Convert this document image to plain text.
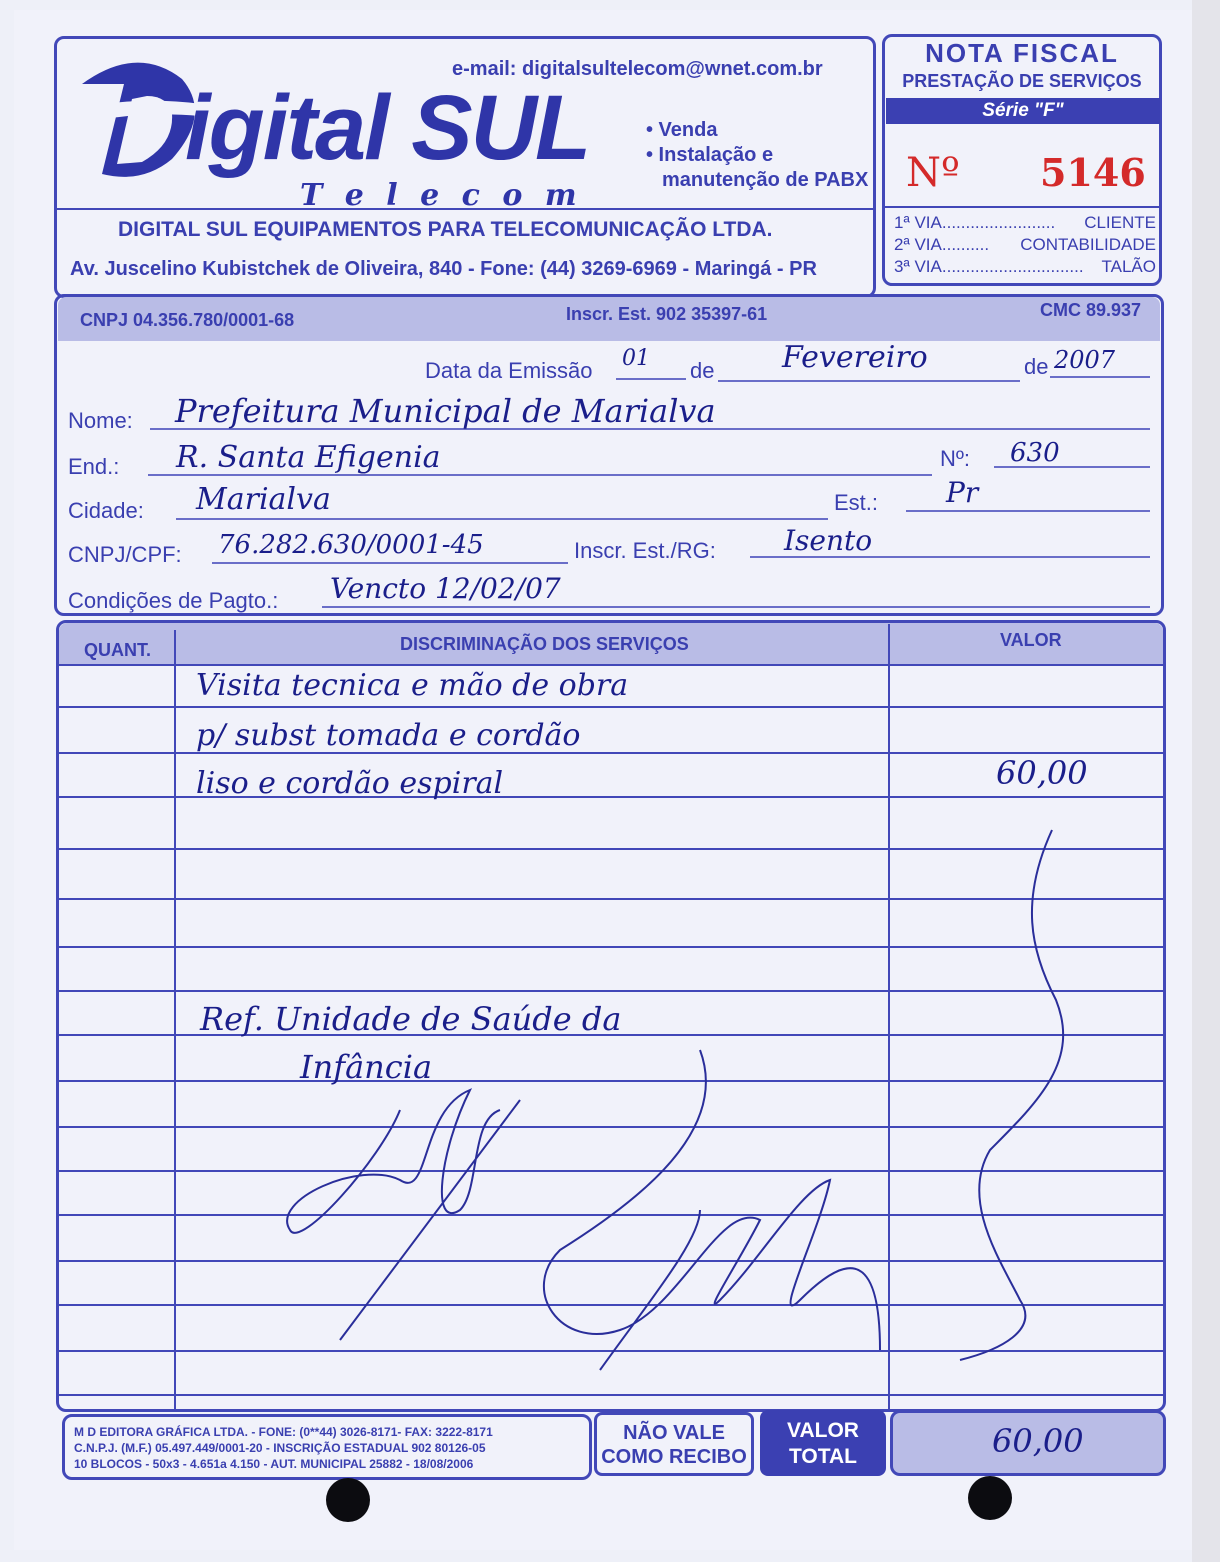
igital SUL
T e l e c o m
e-mail: digitalsultelecom@wnet.com.br
• Venda
• Instalação e
manutenção de PABX
DIGITAL SUL EQUIPAMENTOS PARA TELECOMUNICAÇÃO LTDA.
Av. Juscelino Kubistchek de Oliveira, 840 - Fone: (44) 3269-6969 - Maringá - PR
NOTA FISCAL
PRESTAÇÃO DE SERVIÇOS
Série "F"
Nº 5146
1ª VIA ........................	CLIENTE
2ª VIA ..........	CONTABILIDADE
3ª VIA ..............................	TALÃO
CNPJ 04.356.780/0001-68	Inscr. Est. 902 35397-61	CMC 89.937
Data da Emissão 01 de Fevereiro	de 2007
Nome: Prefeitura Municipal de Marialva
End.: R. Santa Efigenia	Nº: 630
Cidade: Marialva	Est.: Pr
CNPJ/CPF: 76.282.630/0001-45	Inscr. Est./RG: Isento
Condições de Pagto.: Vencto 12/02/07
QUANT.	DISCRIMINAÇÃO DOS SERVIÇOS	VALOR
Visita tecnica e mão de obra
p/ subst tomada e cordão
liso e cordão espiral	60,00
Ref. Unidade de Saúde da
Infância
M D EDITORA GRÁFICA LTDA. - FONE: (0**44) 3026-8171- FAX: 3222-8171
C.N.P.J. (M.F.) 05.497.449/0001-20 - INSCRIÇÃO ESTADUAL 902 80126-05
10 BLOCOS - 50x3 - 4.651a 4.150 - AUT. MUNICIPAL 25882 - 18/08/2006
NÃO VALE
COMO RECIBO
VALOR
TOTAL	60,00
